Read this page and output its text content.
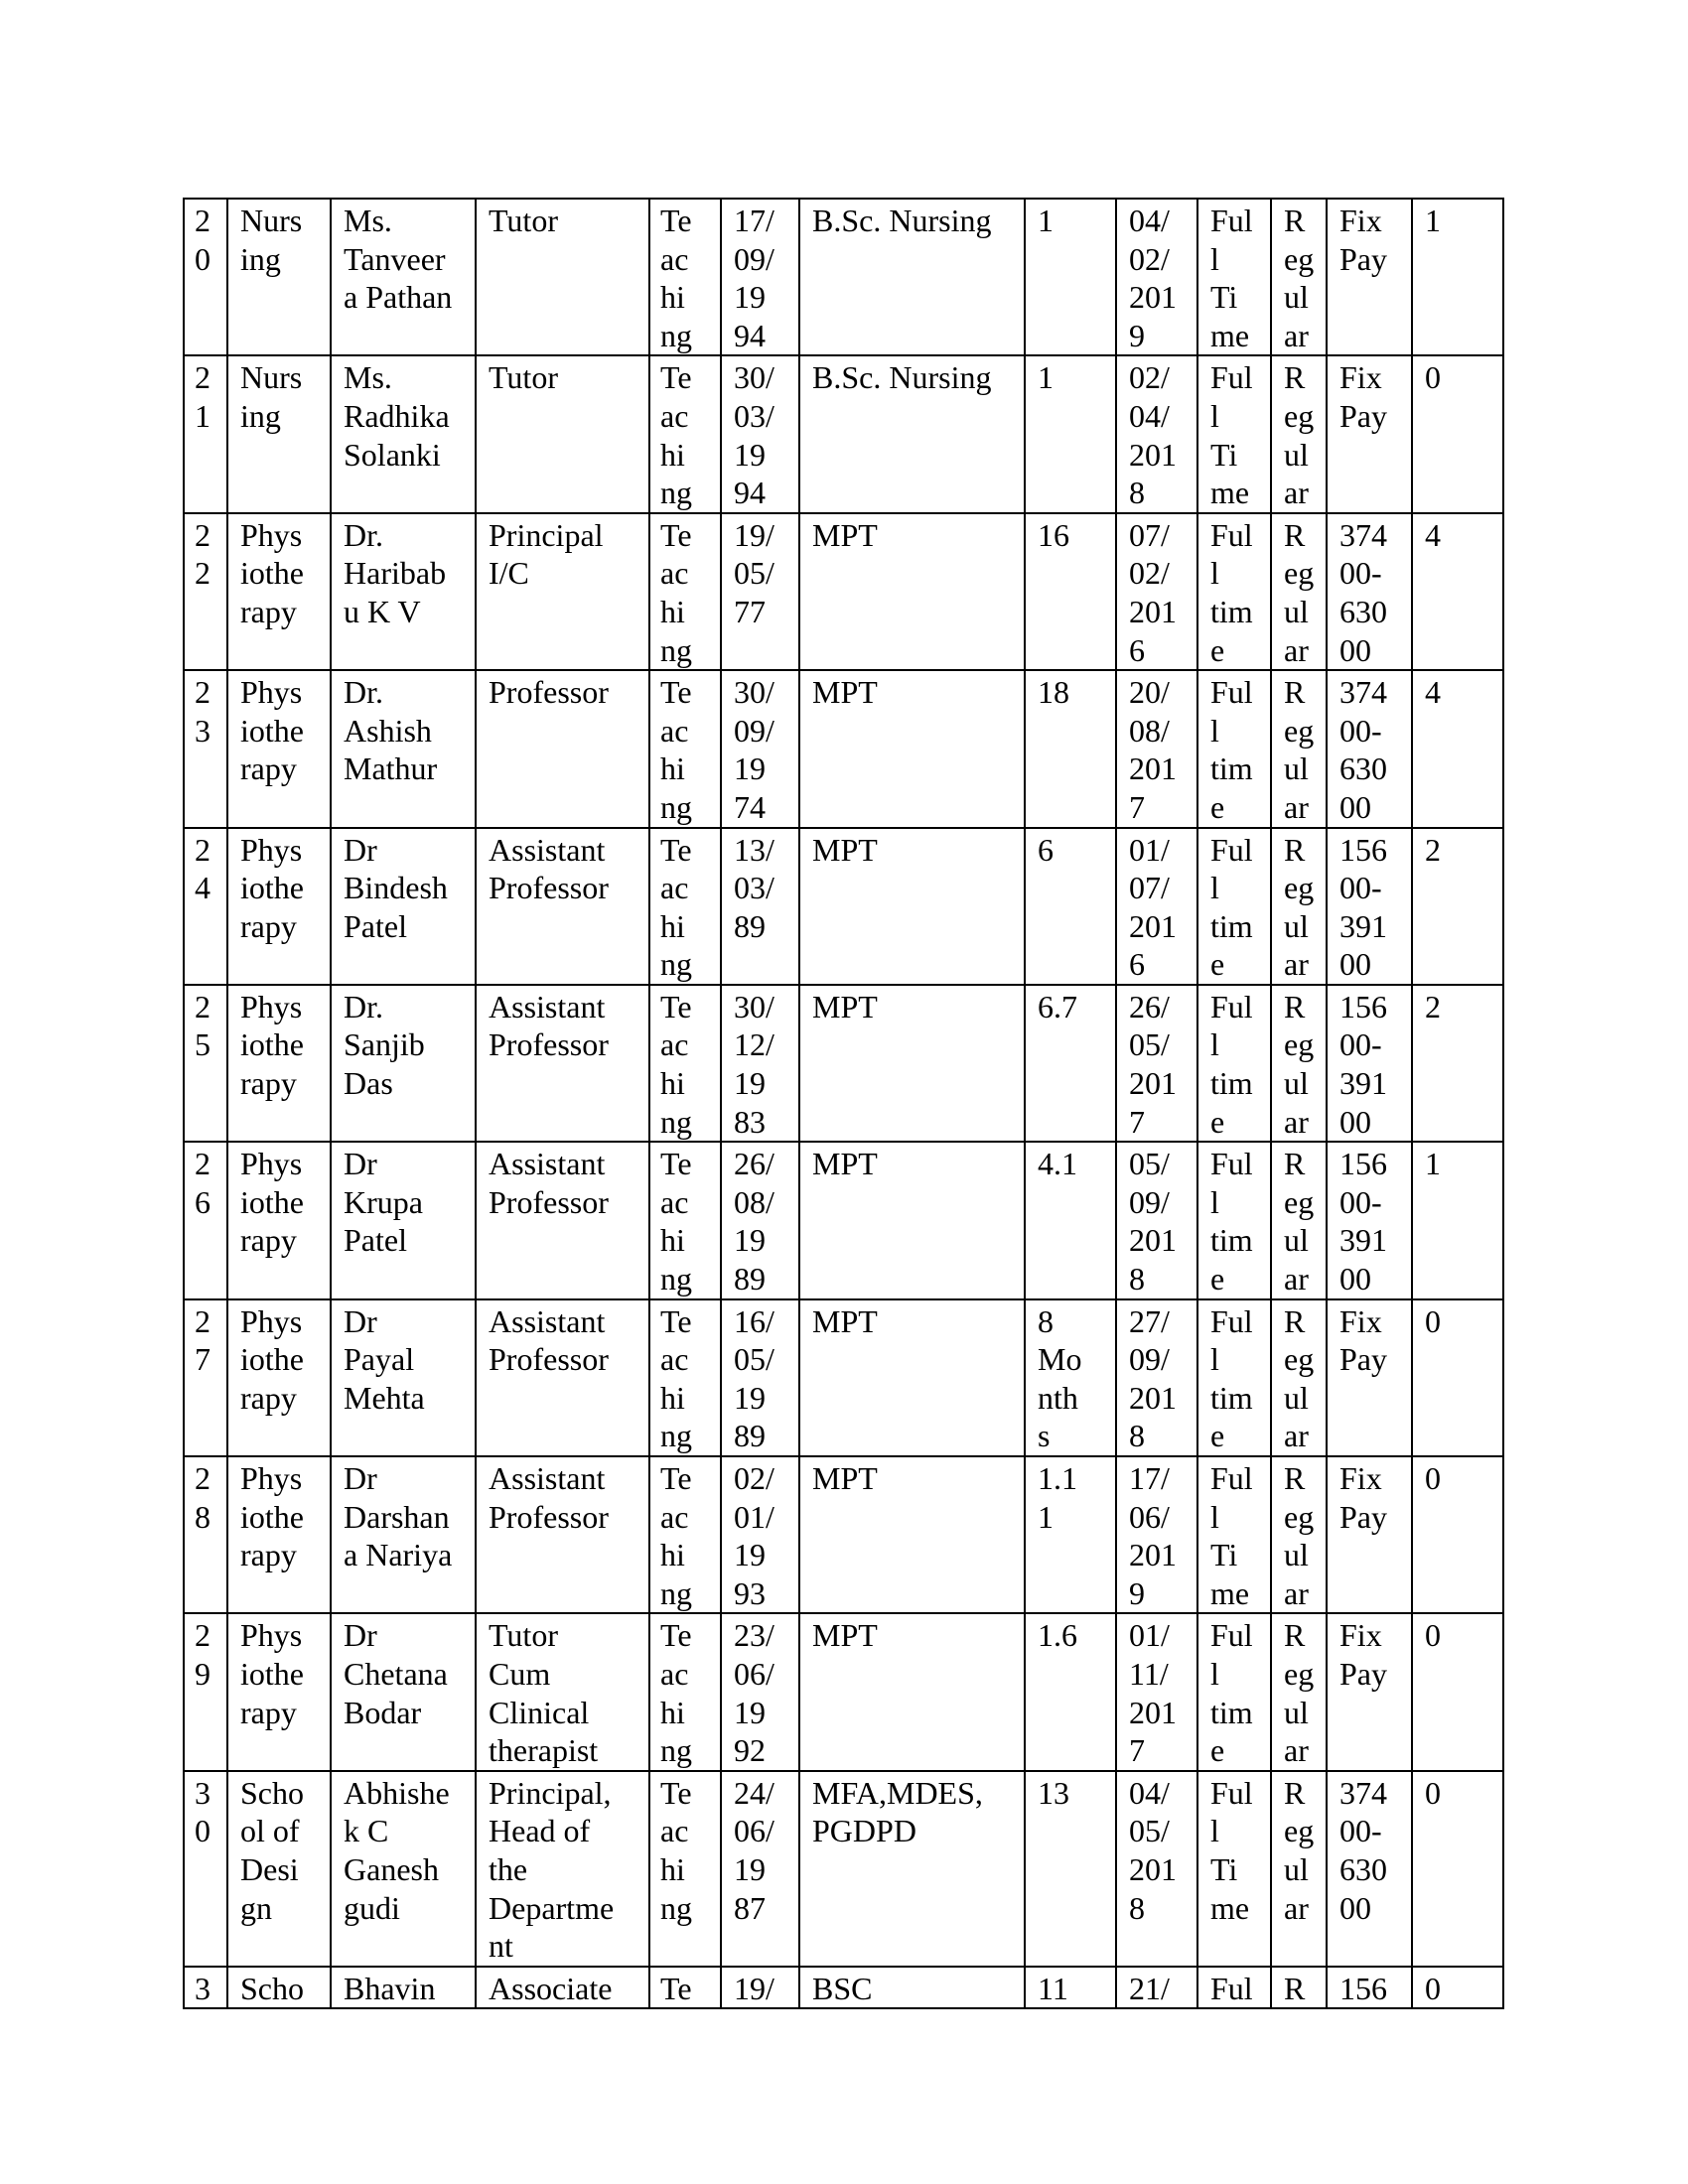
2
0	Nurs
ing	Ms.
Tanveer
a Pathan	Tutor	Te
ac
hi
ng	17/
09/
19
94	B.Sc. Nursing	1	04/
02/
201
9	Ful
l
Ti
me	R
eg
ul
ar	Fix
Pay	1

2
1	Nurs
ing	Ms.
Radhika
Solanki	Tutor	Te
ac
hi
ng	30/
03/
19
94	B.Sc. Nursing	1	02/
04/
201
8	Ful
l
Ti
me	R
eg
ul
ar	Fix
Pay	0

2
2	Phys
iothe
rapy	Dr.
Haribab
u K V	Principal
I/C	Te
ac
hi
ng	19/
05/
77	MPT	16	07/
02/
201
6	Ful
l
tim
e	R
eg
ul
ar	374
00-
630
00	4

2
3	Phys
iothe
rapy	Dr.
Ashish
Mathur	Professor	Te
ac
hi
ng	30/
09/
19
74	MPT	18	20/
08/
201
7	Ful
l
tim
e	R
eg
ul
ar	374
00-
630
00	4

2
4	Phys
iothe
rapy	Dr
Bindesh
Patel	Assistant
Professor	Te
ac
hi
ng	13/
03/
89	MPT	6	01/
07/
201
6	Ful
l
tim
e	R
eg
ul
ar	156
00-
391
00	2

2
5	Phys
iothe
rapy	Dr.
Sanjib
Das	Assistant
Professor	Te
ac
hi
ng	30/
12/
19
83	MPT	6.7	26/
05/
201
7	Ful
l
tim
e	R
eg
ul
ar	156
00-
391
00	2

2
6	Phys
iothe
rapy	Dr
Krupa
Patel	Assistant
Professor	Te
ac
hi
ng	26/
08/
19
89	MPT	4.1	05/
09/
201
8	Ful
l
tim
e	R
eg
ul
ar	156
00-
391
00	1

2
7	Phys
iothe
rapy	Dr
Payal
Mehta	Assistant
Professor	Te
ac
hi
ng	16/
05/
19
89	MPT	8
Mo
nth
s	27/
09/
201
8	Ful
l
tim
e	R
eg
ul
ar	Fix
Pay	0

2
8	Phys
iothe
rapy	Dr
Darshan
a Nariya	Assistant
Professor	Te
ac
hi
ng	02/
01/
19
93	MPT	1.1
1	17/
06/
201
9	Ful
l
Ti
me	R
eg
ul
ar	Fix
Pay	0

2
9	Phys
iothe
rapy	Dr
Chetana
Bodar	Tutor
Cum
Clinical
therapist	Te
ac
hi
ng	23/
06/
19
92	MPT	1.6	01/
11/
201
7	Ful
l
tim
e	R
eg
ul
ar	Fix
Pay	0

3
0	Scho
ol of
Desi
gn	Abhishe
k C
Ganesh
gudi	Principal,
Head of
the
Departme
nt	Te
ac
hi
ng	24/
06/
19
87	MFA,MDES,
PGDPD	13	04/
05/
201
8	Ful
l
Ti
me	R
eg
ul
ar	374
00-
630
00	0

3	Scho	Bhavin	Associate	Te	19/	BSC	11	21/	Ful	R	156	0
